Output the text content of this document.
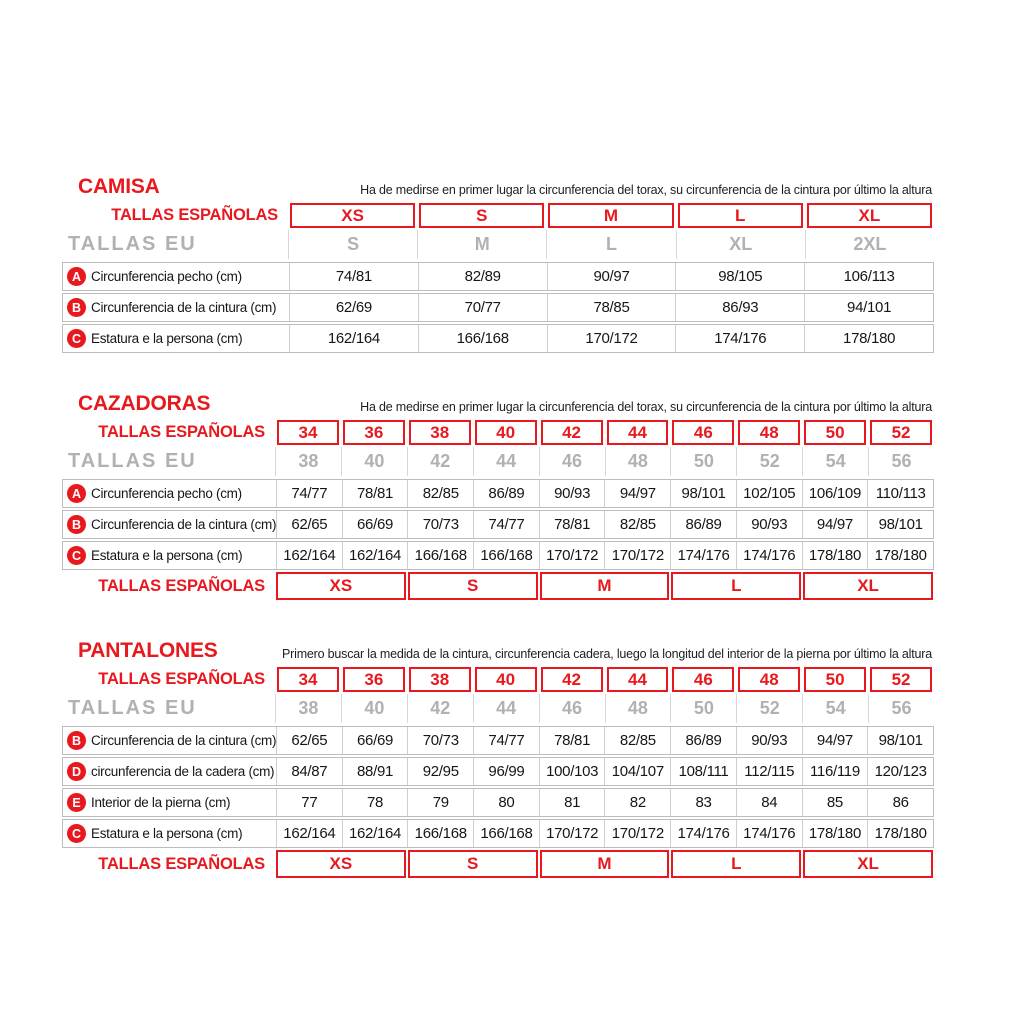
CAMISA	Ha de medirse en primer lugar la circunferencia del torax, su circunferencia de la cintura por último la altura
TALLAS ESPAÑOLAS	XS	S	M	L	XL
TALLAS EU	S	M	L	XL	2XL
A Circunferencia pecho (cm)	74/81	82/89	90/97	98/105	106/113
B Circunferencia de la cintura (cm)	62/69	70/77	78/85	86/93	94/101
C Estatura e la persona (cm)	162/164	166/168	170/172	174/176	178/180
CAZADORAS	Ha de medirse en primer lugar la circunferencia del torax, su circunferencia de la cintura por último la altura
TALLAS ESPAÑOLAS	34	36	38	40	42	44	46	48	50	52
TALLAS EU	38	40	42	44	46	48	50	52	54	56
A Circunferencia pecho (cm)	74/77	78/81	82/85	86/89	90/93	94/97	98/101	102/105 106/109 110/113
B Circunferencia de la cintura (cm)	62/65	66/69	70/73	74/77	78/81	82/85	86/89	90/93	94/97	98/101
C Estatura e la persona (cm)	162/164 162/164 166/168 166/168 170/172 170/172 174/176 174/176 178/180 178/180
TALLAS ESPAÑOLAS	XS	S	M	L	XL
PANTALONES	Primero buscar la medida de la cintura, circunferencia cadera, luego la longitud del interior de la pierna por último la altura
TALLAS ESPAÑOLAS	34	36	38	40	42	44	46	48	50	52
TALLAS EU	38	40	42	44	46	48	50	52	54	56
B Circunferencia de la cintura (cm)	62/65	66/69	70/73	74/77	78/81	82/85	86/89	90/93	94/97	98/101
D circunferencia de la cadera (cm)	84/87	88/91	92/95	96/99	100/103 104/107 108/111	112/115	116/119 120/123
E Interior de la pierna (cm)	77	78	79	80	81	82	83	84	85	86
C Estatura e la persona (cm)	162/164 162/164 166/168 166/168 170/172 170/172 174/176 174/176 178/180 178/180
TALLAS ESPAÑOLAS	XS	S	M	L	XL
